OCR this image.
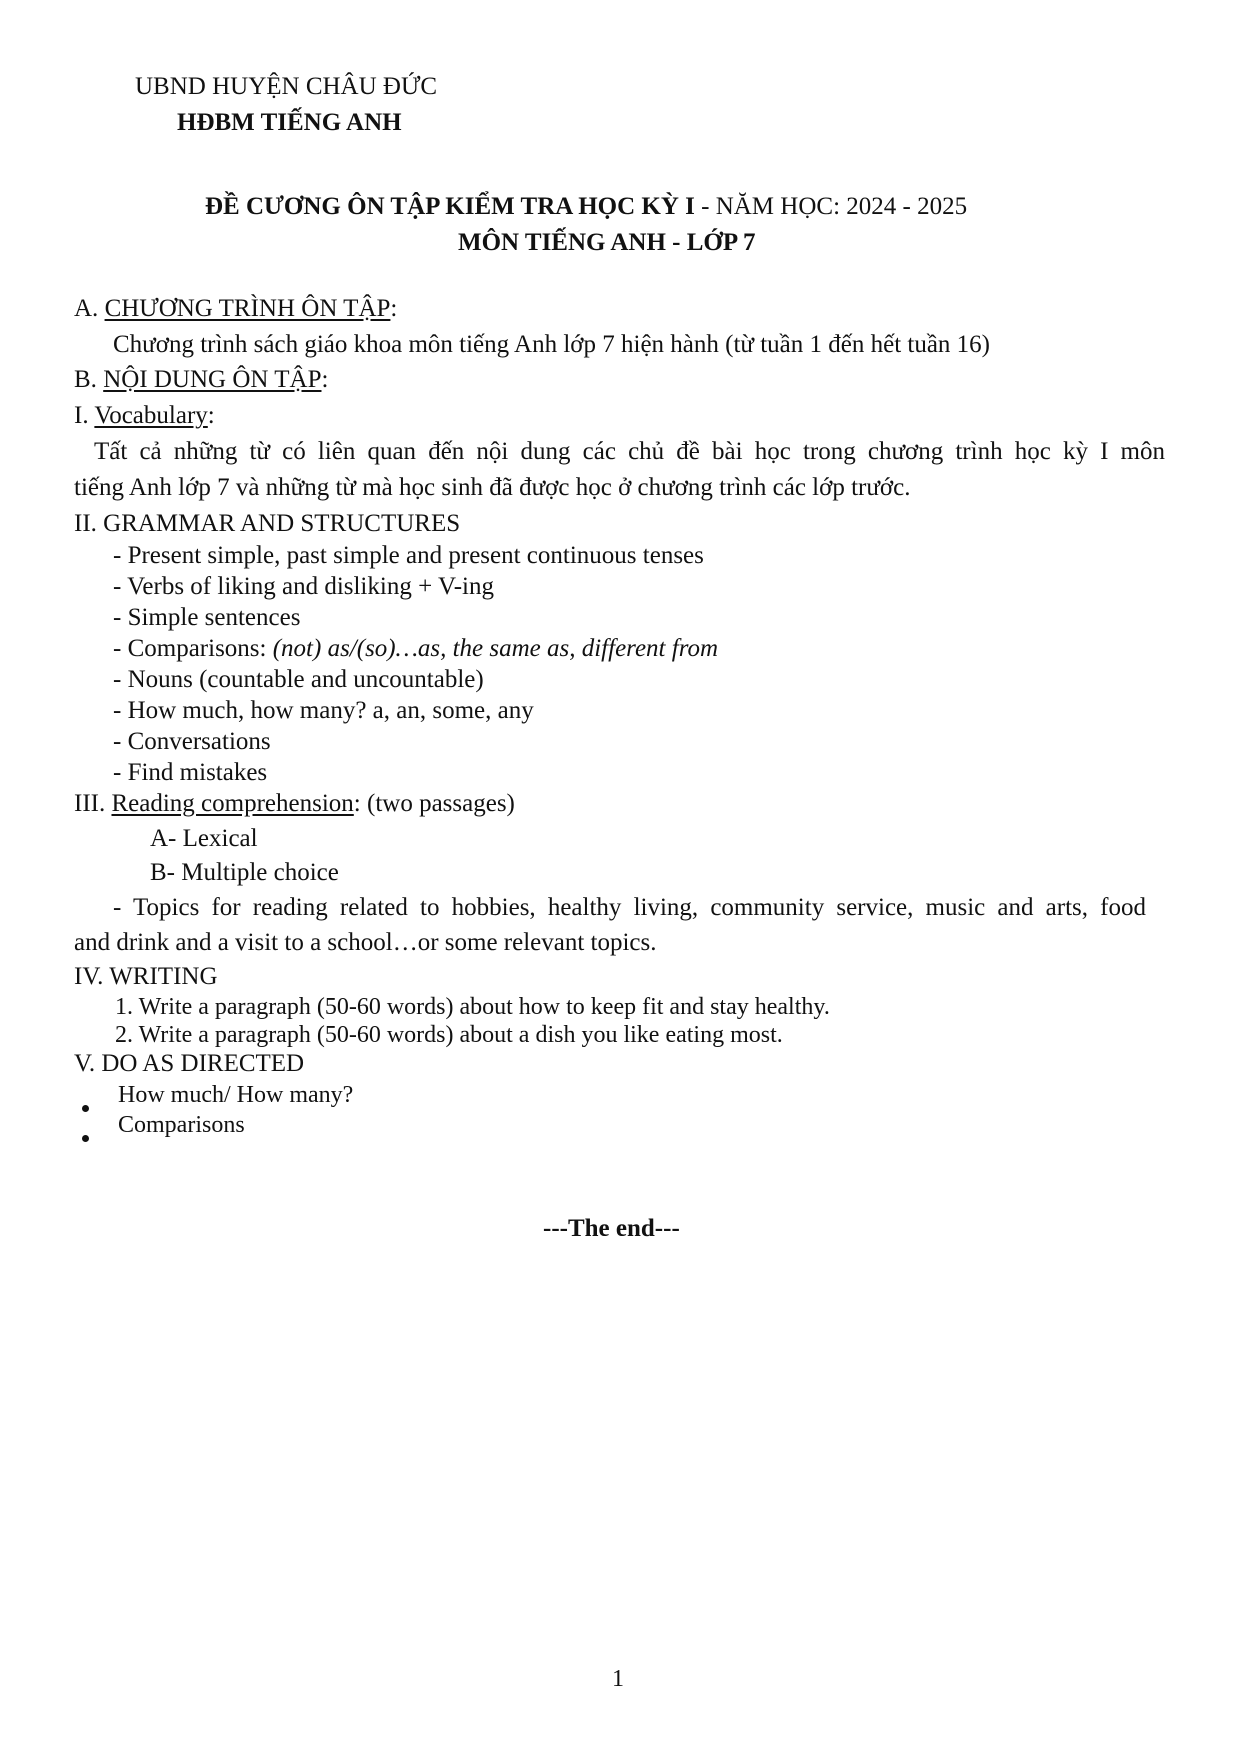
UBND HUYỆN CHÂU ĐỨC
HĐBM TIẾNG ANH
ĐỀ CƯƠNG ÔN TẬP KIỂM TRA HỌC KỲ I - NĂM HỌC: 2024 - 2025
MÔN TIẾNG ANH - LỚP 7
A. CHƯƠNG TRÌNH ÔN TẬP:
Chương trình sách giáo khoa môn tiếng Anh lớp 7 hiện hành (từ tuần 1 đến hết tuần 16)
B. NỘI DUNG ÔN TẬP:
I. Vocabulary:
Tất cả những từ có liên quan đến nội dung các chủ đề bài học trong chương trình học kỳ I môn
tiếng Anh lớp 7 và những từ mà học sinh đã được học ở chương trình các lớp trước.
II. GRAMMAR AND STRUCTURES
- Present simple, past simple and present continuous tenses
- Verbs of liking and disliking + V-ing
- Simple sentences
- Comparisons: (not) as/(so)…as, the same as, different from
- Nouns (countable and uncountable)
- How much, how many? a, an, some, any
- Conversations
- Find mistakes
III. Reading comprehension: (two passages)
A- Lexical
B- Multiple choice
- Topics for reading related to hobbies, healthy living, community service, music and arts, food
and drink and a visit to a school…or some relevant topics.
IV. WRITING
1. Write a paragraph (50-60 words) about how to keep fit and stay healthy.
2. Write a paragraph (50-60 words) about a dish you like eating most.
V. DO AS DIRECTED
How much/ How many?
Comparisons
---The end---
1
